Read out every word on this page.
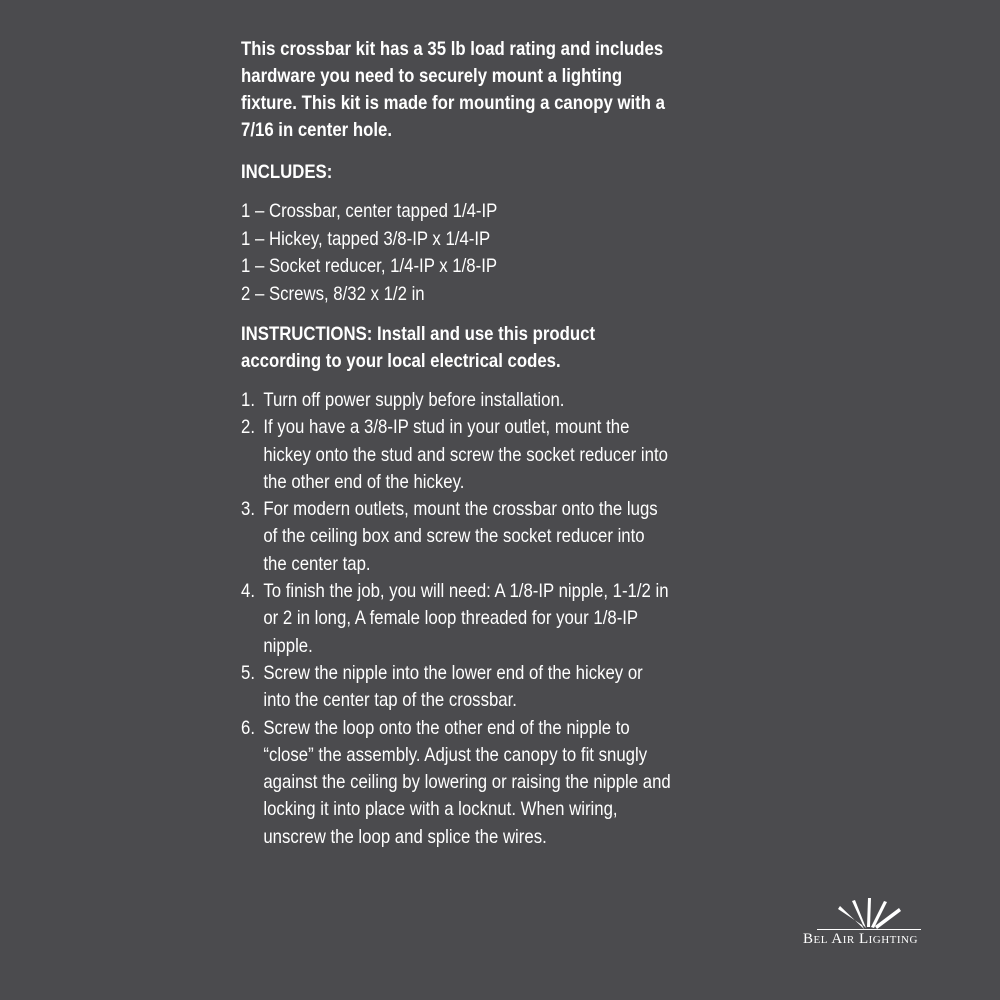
This crossbar kit has a 35 lb load rating and includes hardware you need to securely mount a lighting fixture. This kit is made for mounting a canopy with a 7/16 in center hole.

INCLUDES:

1 – Crossbar, center tapped 1/4-IP
1 – Hickey, tapped 3/8-IP x 1/4-IP
1 – Socket reducer, 1/4-IP x 1/8-IP
2 – Screws, 8/32 x 1/2 in

INSTRUCTIONS: Install and use this product according to your local electrical codes.

1. Turn off power supply before installation.
2. If you have a 3/8-IP stud in your outlet, mount the hickey onto the stud and screw the socket reducer into the other end of the hickey.
3. For modern outlets, mount the crossbar onto the lugs of the ceiling box and screw the socket reducer into the center tap.
4. To finish the job, you will need: A 1/8-IP nipple, 1-1/2 in or 2 in long, A female loop threaded for your 1/8-IP nipple.
5. Screw the nipple into the lower end of the hickey or into the center tap of the crossbar.
6. Screw the loop onto the other end of the nipple to “close” the assembly. Adjust the canopy to fit snugly against the ceiling by lowering or raising the nipple and locking it into place with a locknut. When wiring, unscrew the loop and splice the wires.
Bel Air Lighting
